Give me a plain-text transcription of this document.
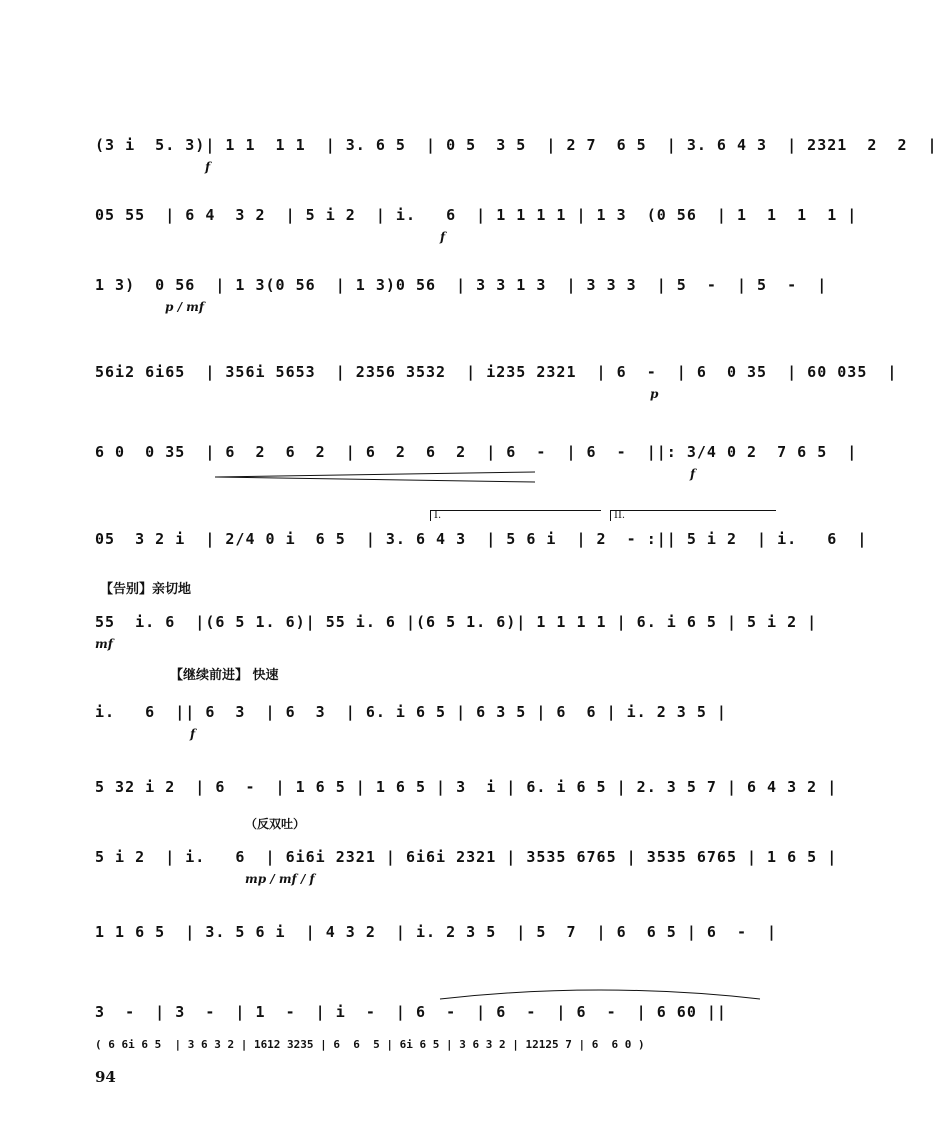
(3 i  5. 3)| 1 1  1 1  | 3. 6 5  | 0 5  3 5  | 2 7  6 5  | 3. 6 4 3  | 2321  2  2  |
f
05 55  | 6 4  3 2  | 5 i 2  | i.   6  | 1 1 1 1 | 1 3  (0 56  | 1  1  1  1 |
f
1 3)  0 56  | 1 3(0 56  | 1 3)0 56  | 3 3 1 3  | 3 3 3  | 5  -  | 5  -  |
p / mf
56i2 6i65  | 356i 5653  | 2356 3532  | i235 2321  | 6  -  | 6  0 35  | 60 035  |
p
6 0  0 35  | 6  2  6  2  | 6  2  6  2  | 6  -  | 6  -  ||: 3/4 0 2  7 6 5  |
f
I.	II.
05  3 2 i  | 2/4 0 i  6 5  | 3. 6 4 3  | 5 6 i  | 2  - :|| 5 i 2  | i.   6  |
【告别】亲切地
55  i. 6  |(6 5 1. 6)| 55 i. 6 |(6 5 1. 6)| 1 1 1 1 | 6. i 6 5 | 5 i 2 |
mf
【继续前进】 快速
i.   6  || 6  3  | 6  3  | 6. i 6 5 | 6 3 5 | 6  6 | i. 2 3 5 |
f
5 32 i 2  | 6  -  | 1 6 5 | 1 6 5 | 3  i | 6. i 6 5 | 2. 3 5 7 | 6 4 3 2 |
（反双吐）
5 i 2  | i.   6  | 6i6i 2321 | 6i6i 2321 | 3535 6765 | 3535 6765 | 1 6 5 |
mp / mf / f
1 1 6 5  | 3. 5 6 i  | 4 3 2  | i. 2 3 5  | 5  7  | 6  6 5 | 6  -  |
3  -  | 3  -  | 1  -  | i  -  | 6  -  | 6  -  | 6  -  | 6 60 ||
( 6 6i 6 5  | 3 6 3 2 | 1612 3235 | 6  6  5 | 6i 6 5 | 3 6 3 2 | 12125 7 | 6  6 0 )
94
